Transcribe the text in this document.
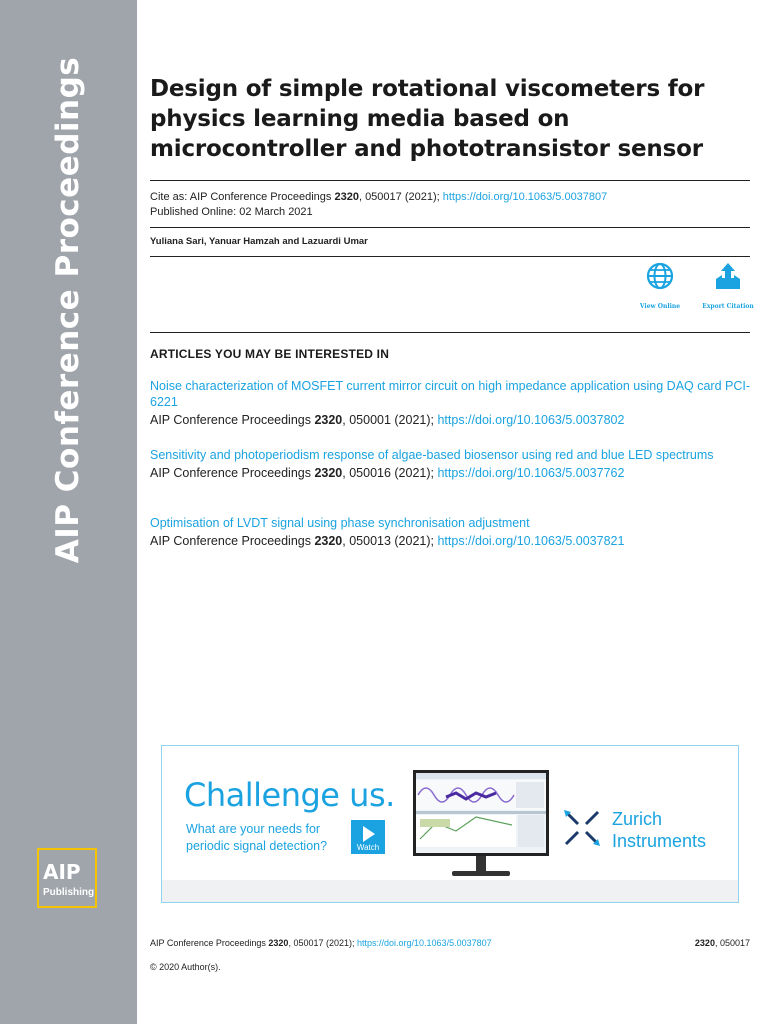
AIP Conference Proceedings
AIP
Publishing
Design of simple rotational viscometers for physics learning media based on microcontroller and phototransistor sensor
Cite as: AIP Conference Proceedings 2320, 050017 (2021); https://doi.org/10.1063/5.0037807
Published Online: 02 March 2021
Yuliana Sari, Yanuar Hamzah and Lazuardi Umar
View Online	Export Citation
ARTICLES YOU MAY BE INTERESTED IN
Noise characterization of MOSFET current mirror circuit on high impedance application using DAQ card PCI-6221
AIP Conference Proceedings 2320, 050001 (2021); https://doi.org/10.1063/5.0037802
Sensitivity and photoperiodism response of algae-based biosensor using red and blue LED spectrums
AIP Conference Proceedings 2320, 050016 (2021); https://doi.org/10.1063/5.0037762
Optimisation of LVDT signal using phase synchronisation adjustment
AIP Conference Proceedings 2320, 050013 (2021); https://doi.org/10.1063/5.0037821
Challenge us.
What are your needs for periodic signal detection?	Watch
Zurich
Instruments
AIP Conference Proceedings 2320, 050017 (2021); https://doi.org/10.1063/5.0037807	2320, 050017
© 2020 Author(s).
